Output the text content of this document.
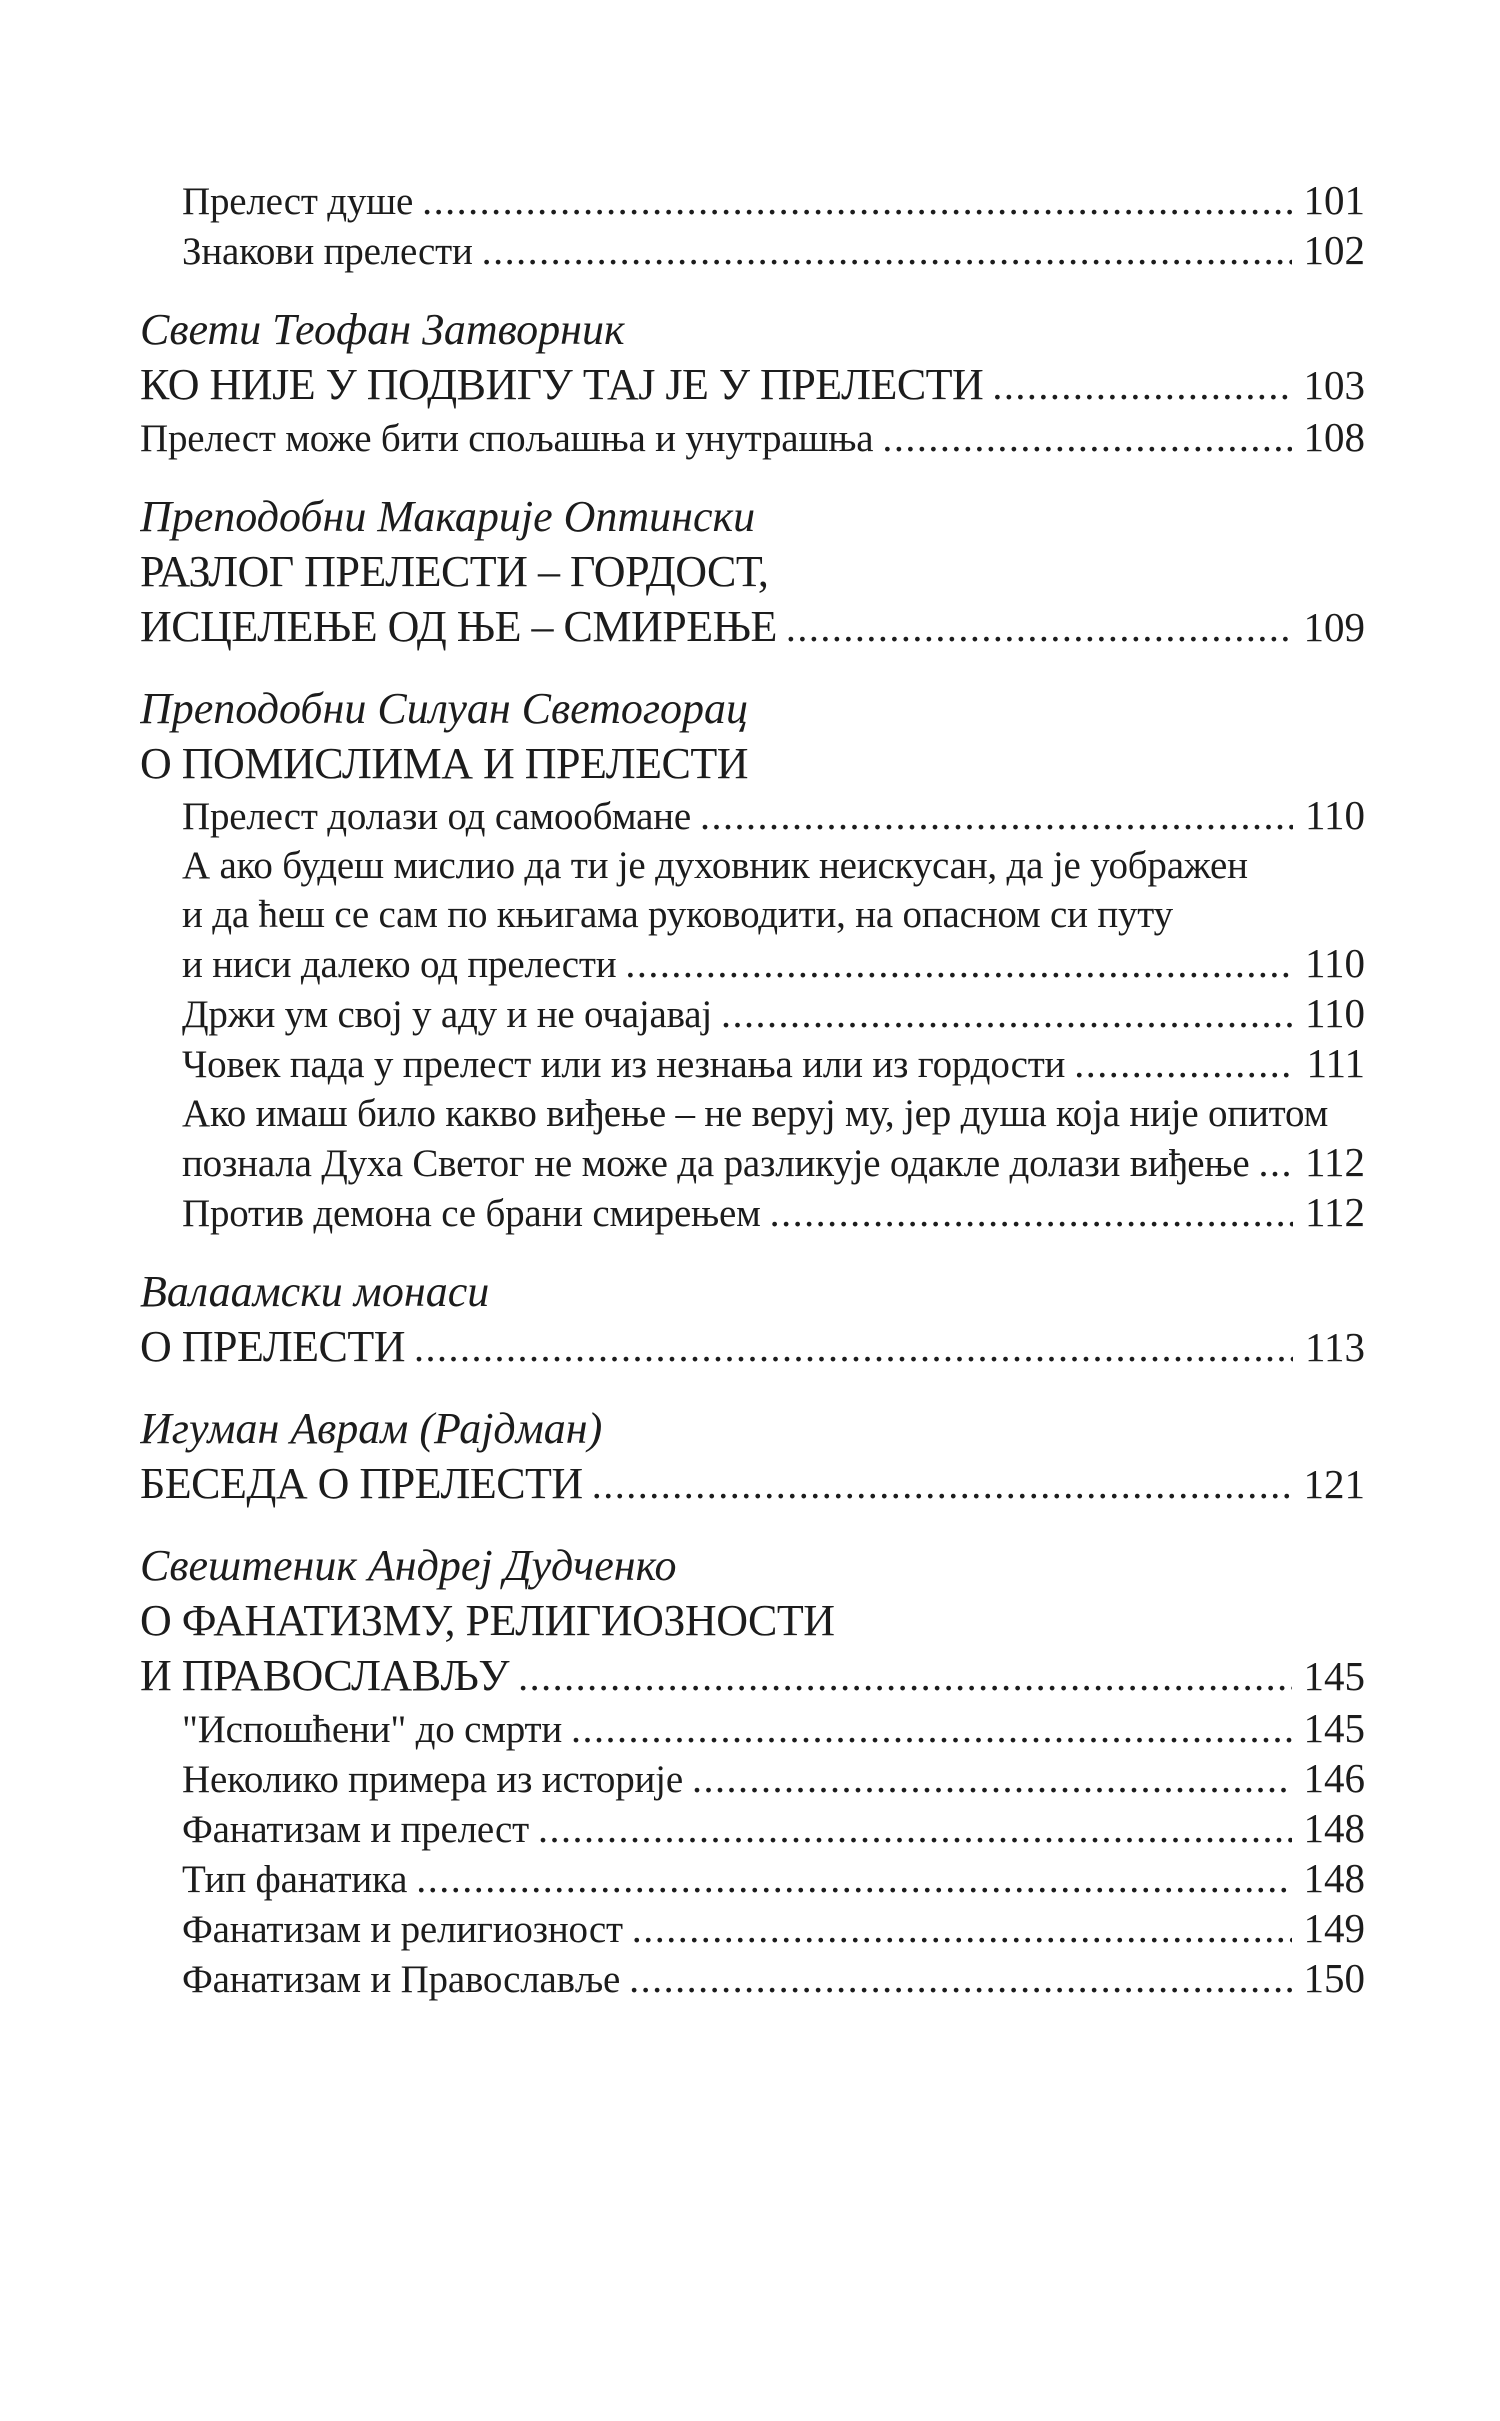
Прелест душе .....	101
Знакови прелести .....	102
Свети Теофан Затворник
КО НИЈЕ У ПОДВИГУ ТАЈ ЈЕ У ПРЕЛЕСТИ .....	103
Прелест може бити спољашња и унутрашња .....	108
Преподобни Макарије Оптински
РАЗЛОГ ПРЕЛЕСТИ – ГОРДОСТ,
ИСЦЕЛЕЊЕ ОД ЊЕ – СМИРЕЊЕ .....	109
Преподобни Силуан Светогорац
О ПОМИСЛИМА И ПРЕЛЕСТИ
Прелест долази од самообмане .....	110
А ако будеш мислио да ти је духовник неискусан, да је уображен
и да ћеш се сам по књигама руководити, на опасном си путу
и ниси далеко од прелести .....	110
Држи ум свој у аду и не очајавај .....	110
Човек пада у прелест или из незнања или из гордости .....	111
Ако имаш било какво виђење – не веруј му, јер душа која није опитом
познала Духа Светог не може да разликује одакле долази виђење ..... 112
Против демона се брани смирењем .....	112
Валаамски монаси
О ПРЕЛЕСТИ .....	113
Игуман Аврам (Рајдман)
БЕСЕДА О ПРЕЛЕСТИ .....	121
Свештеник Андреј Дудченко
О ФАНАТИЗМУ, РЕЛИГИОЗНОСТИ
И ПРАВОСЛАВЉУ .....	145
"Испошћени" до смрти .....	145
Неколико примера из историје .....	146
Фанатизам и прелест .....	148
Тип фанатика .....	148
Фанатизам и религиозност .....	149
Фанатизам и Православље .....	150
